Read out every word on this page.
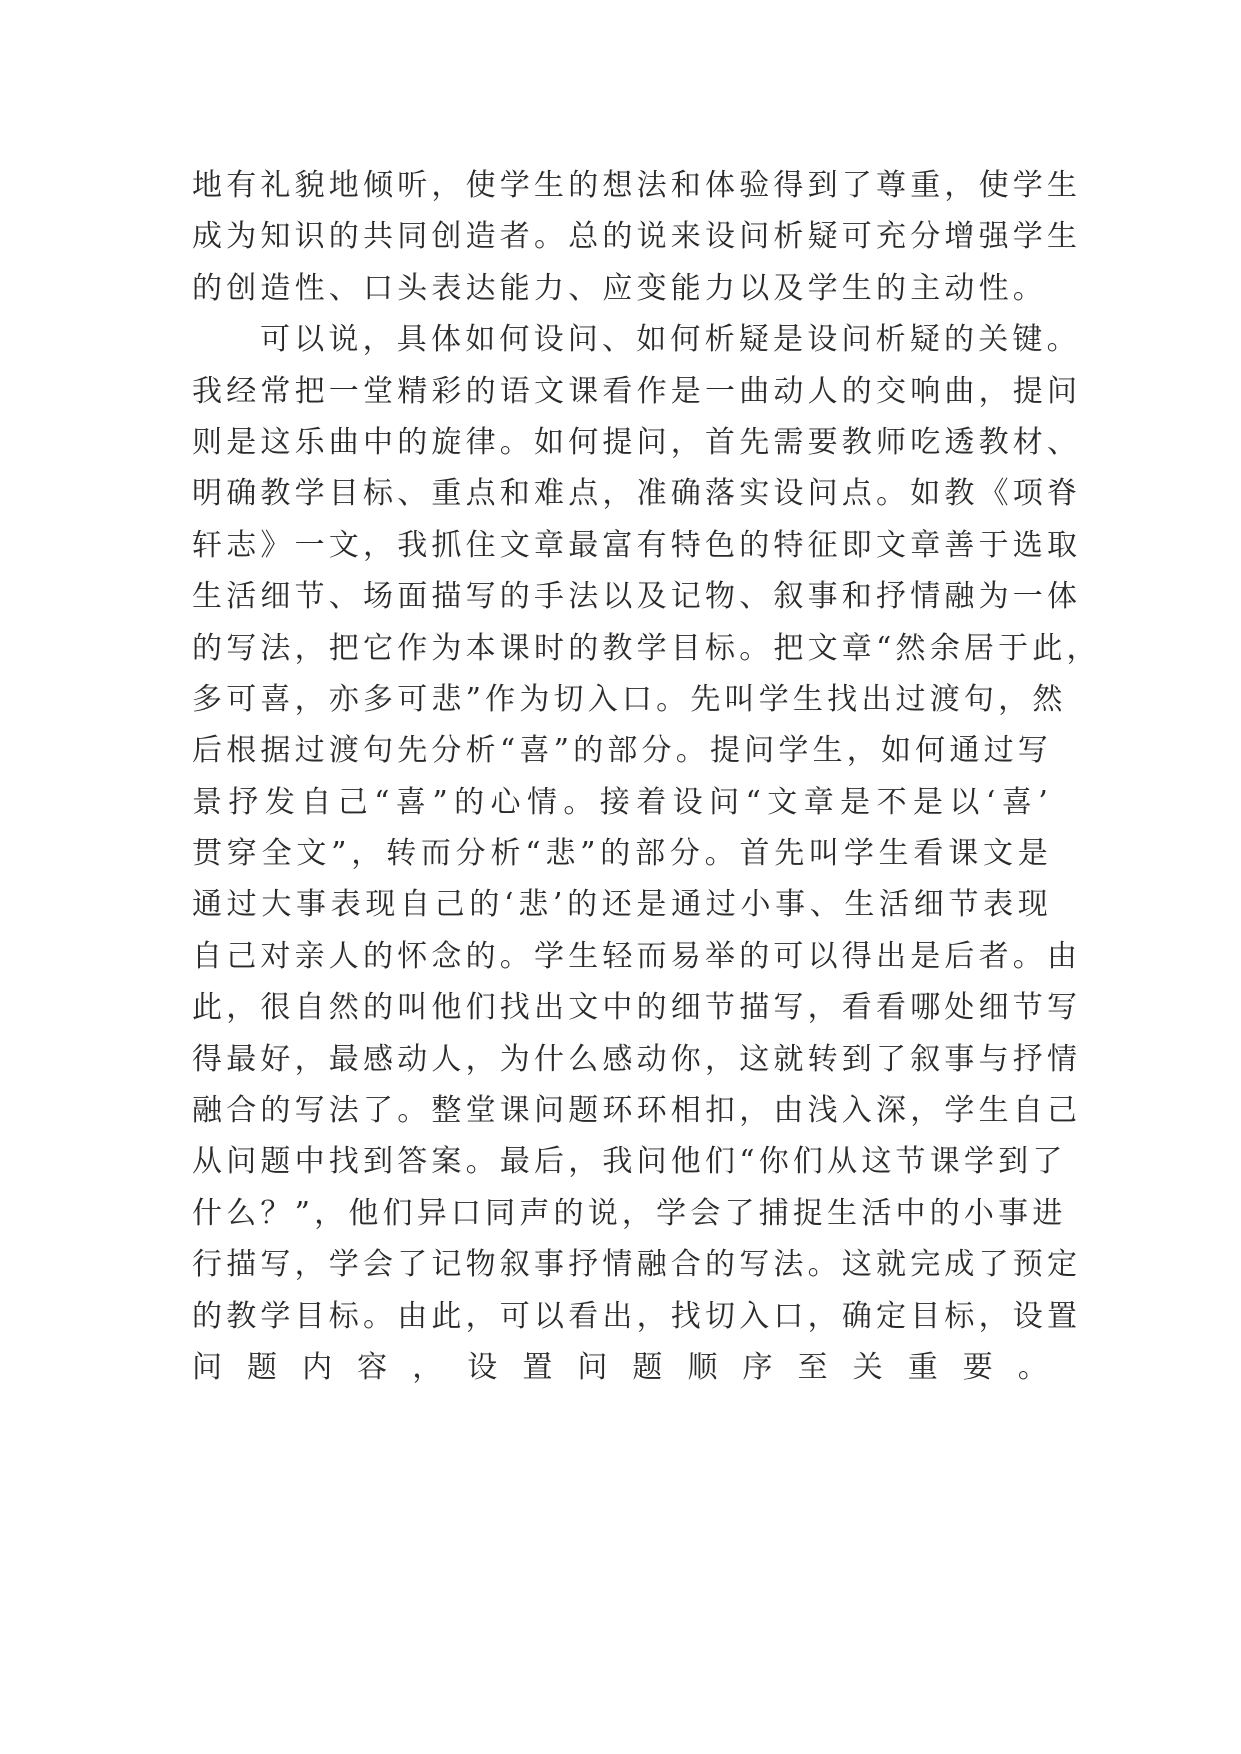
地有礼貌地倾听，使学生的想法和体验得到了尊重，使学生
成为知识的共同创造者。总的说来设问析疑可充分增强学生
的创造性、口头表达能力、应变能力以及学生的主动性。
可以说，具体如何设问、如何析疑是设问析疑的关键。
我经常把一堂精彩的语文课看作是一曲动人的交响曲，提问
则是这乐曲中的旋律。如何提问，首先需要教师吃透教材、
明确教学目标、重点和难点，准确落实设问点。如教《项脊
轩志》一文，我抓住文章最富有特色的特征即文章善于选取
生活细节、场面描写的手法以及记物、叙事和抒情融为一体
的写法，把它作为本课时的教学目标。把文章“然余居于此，
多可喜，亦多可悲”作为切入口。先叫学生找出过渡句，然
后根据过渡句先分析“喜”的部分。提问学生，如何通过写
景抒发自己“喜”的心情。接着设问“文章是不是以‘喜’
贯穿全文”，转而分析“悲”的部分。首先叫学生看课文是
通过大事表现自己的‘悲’的还是通过小事、生活细节表现
自己对亲人的怀念的。学生轻而易举的可以得出是后者。由
此，很自然的叫他们找出文中的细节描写，看看哪处细节写
得最好，最感动人，为什么感动你，这就转到了叙事与抒情
融合的写法了。整堂课问题环环相扣，由浅入深，学生自己
从问题中找到答案。最后，我问他们“你们从这节课学到了
什么？”，他们异口同声的说，学会了捕捉生活中的小事进
行描写，学会了记物叙事抒情融合的写法。这就完成了预定
的教学目标。由此，可以看出，找切入口，确定目标，设置
问题内容，设置问题顺序至关重要。
